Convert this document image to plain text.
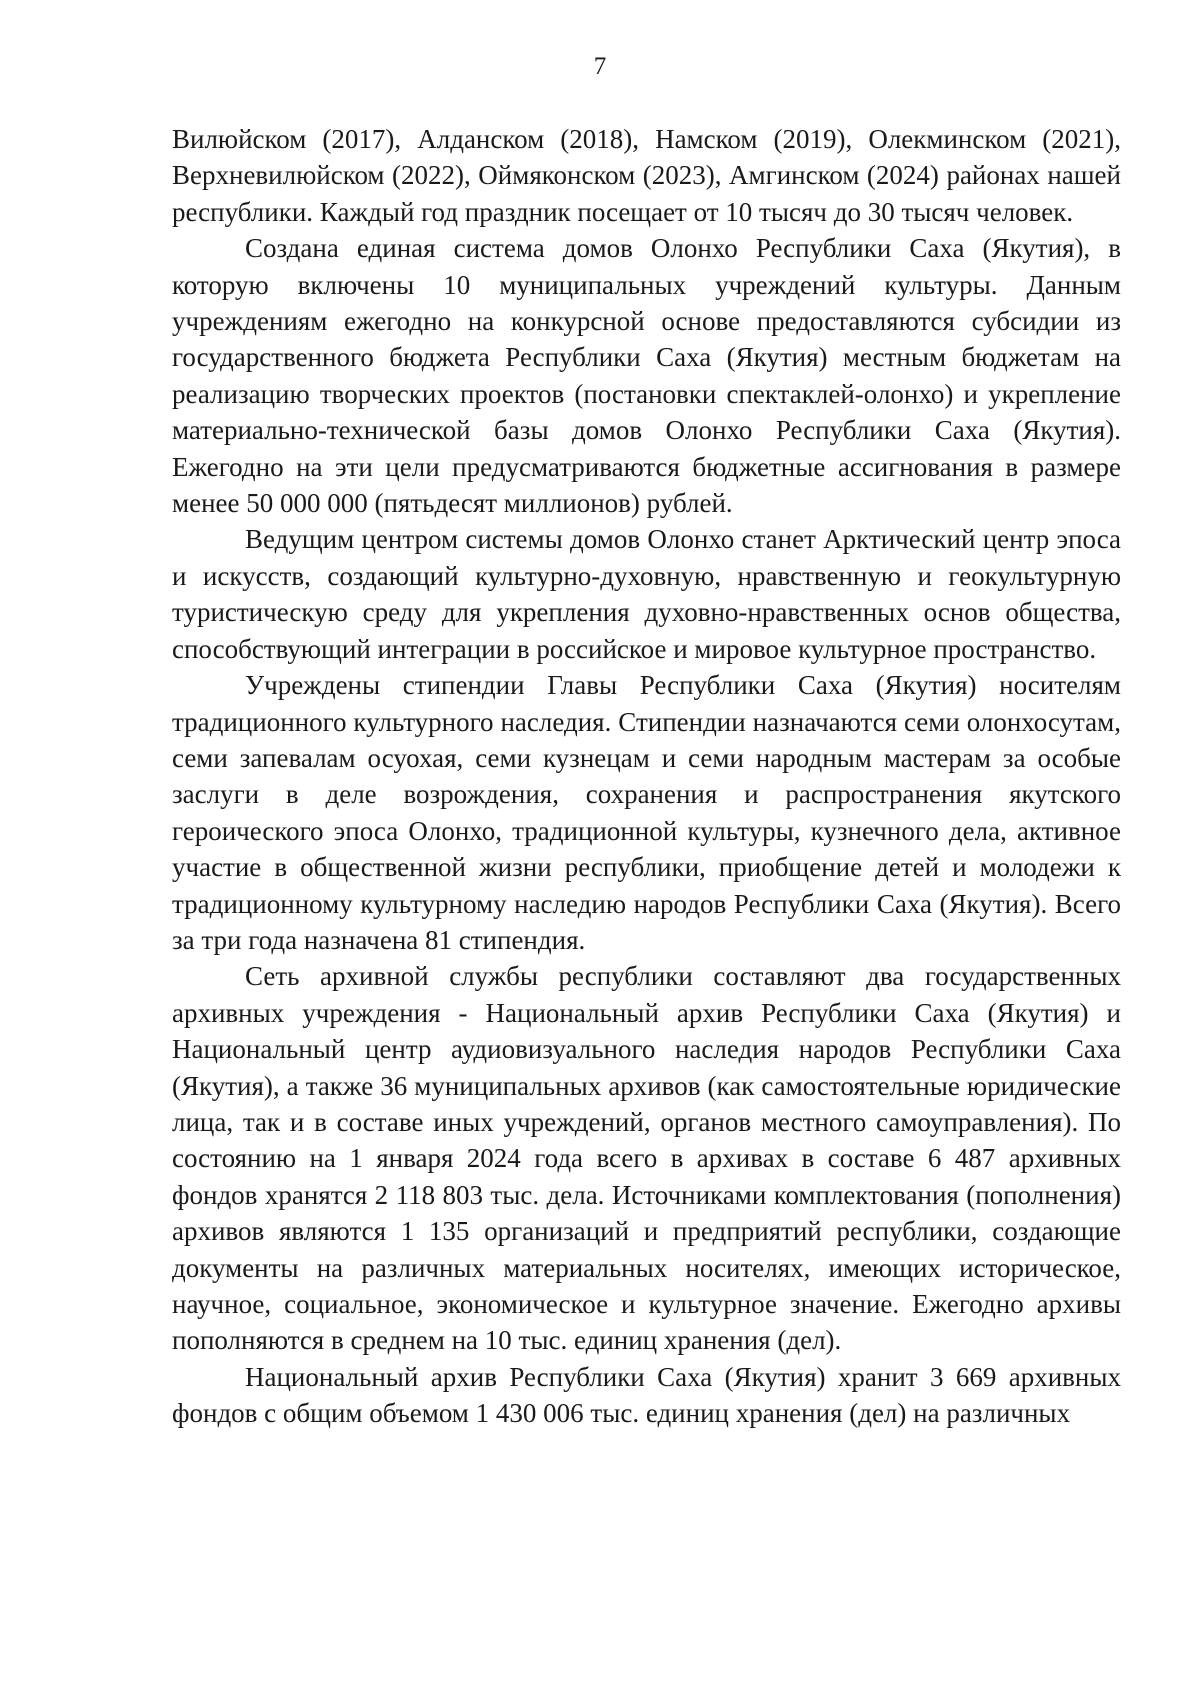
7

Вилюйском (2017), Алданском (2018), Намском (2019), Олекминском (2021), Верхневилюйском (2022), Оймяконском (2023), Амгинском (2024) районах нашей республики. Каждый год праздник посещает от 10 тысяч до 30 тысяч человек.

Создана единая система домов Олонхо Республики Саха (Якутия), в которую включены 10 муниципальных учреждений культуры. Данным учреждениям ежегодно на конкурсной основе предоставляются субсидии из государственного бюджета Республики Саха (Якутия) местным бюджетам на реализацию творческих проектов (постановки спектаклей-олонхо) и укрепление материально-технической базы домов Олонхо Республики Саха (Якутия). Ежегодно на эти цели предусматриваются бюджетные ассигнования в размере менее 50 000 000 (пятьдесят миллионов) рублей.

Ведущим центром системы домов Олонхо станет Арктический центр эпоса и искусств, создающий культурно-духовную, нравственную и геокультурную туристическую среду для укрепления духовно-нравственных основ общества, способствующий интеграции в российское и мировое культурное пространство.

Учреждены стипендии Главы Республики Саха (Якутия) носителям традиционного культурного наследия. Стипендии назначаются семи олонхосутам, семи запевалам осуохая, семи кузнецам и семи народным мастерам за особые заслуги в деле возрождения, сохранения и распространения якутского героического эпоса Олонхо, традиционной культуры, кузнечного дела, активное участие в общественной жизни республики, приобщение детей и молодежи к традиционному культурному наследию народов Республики Саха (Якутия). Всего за три года назначена 81 стипендия.

Сеть архивной службы республики составляют два государственных архивных учреждения - Национальный архив Республики Саха (Якутия) и Национальный центр аудиовизуального наследия народов Республики Саха (Якутия), а также 36 муниципальных архивов (как самостоятельные юридические лица, так и в составе иных учреждений, органов местного самоуправления). По состоянию на 1 января 2024 года всего в архивах в составе 6 487 архивных фондов хранятся 2 118 803 тыс. дела. Источниками комплектования (пополнения) архивов являются 1 135 организаций и предприятий республики, создающие документы на различных материальных носителях, имеющих историческое, научное, социальное, экономическое и культурное значение. Ежегодно архивы пополняются в среднем на 10 тыс. единиц хранения (дел).

Национальный архив Республики Саха (Якутия) хранит 3 669 архивных фондов с общим объемом 1 430 006 тыс. единиц хранения (дел) на различных
